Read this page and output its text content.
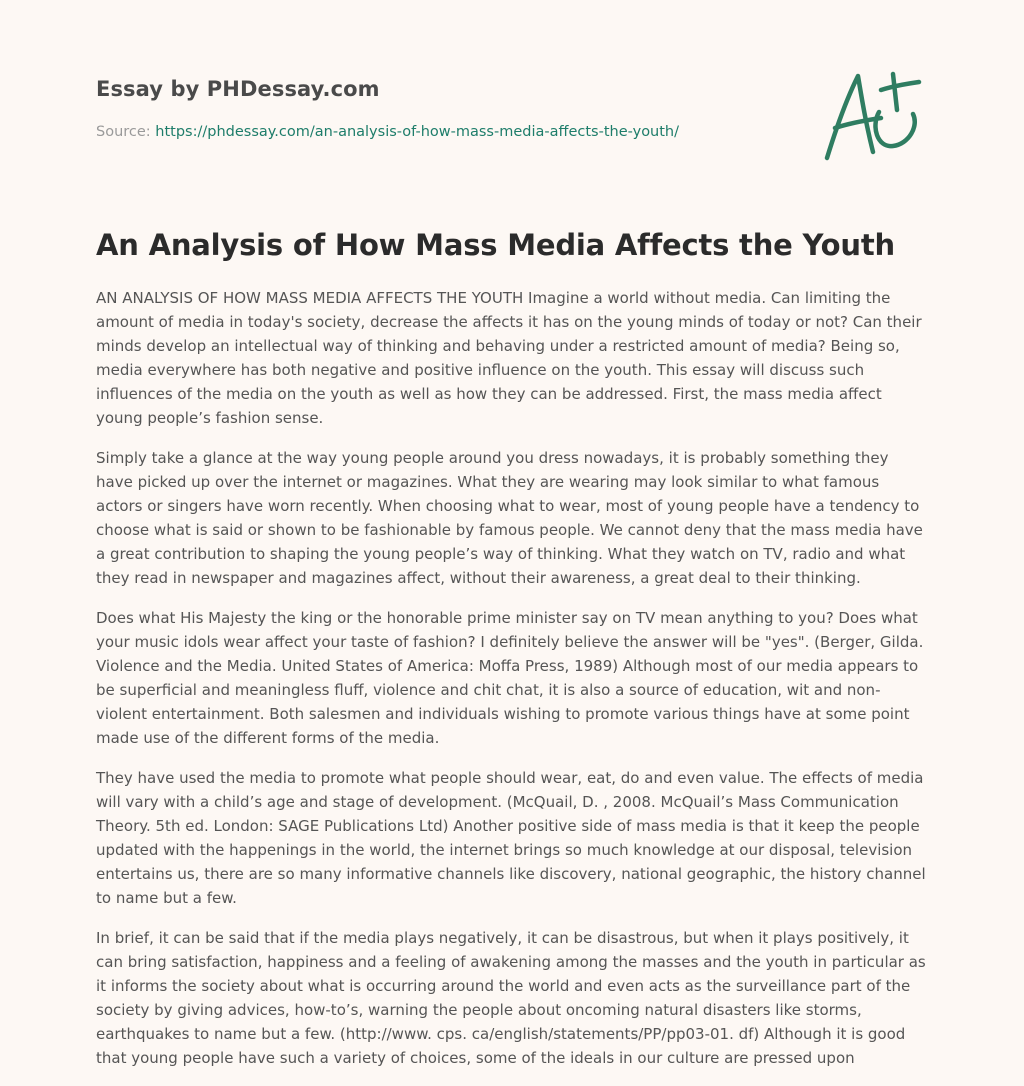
Essay by PHDessay.com
Source: https://phdessay.com/an-analysis-of-how-mass-media-affects-the-youth/
An Analysis of How Mass Media Affects the Youth

AN ANALYSIS OF HOW MASS MEDIA AFFECTS THE YOUTH Imagine a world without media. Can limiting the amount of media in today's society, decrease the affects it has on the young minds of today or not? Can their minds develop an intellectual way of thinking and behaving under a restricted amount of media? Being so, media everywhere has both negative and positive influence on the youth. This essay will discuss such influences of the media on the youth as well as how they can be addressed. First, the mass media affect young people’s fashion sense.

Simply take a glance at the way young people around you dress nowadays, it is probably something they have picked up over the internet or magazines. What they are wearing may look similar to what famous actors or singers have worn recently. When choosing what to wear, most of young people have a tendency to choose what is said or shown to be fashionable by famous people. We cannot deny that the mass media have a great contribution to shaping the young people’s way of thinking. What they watch on TV, radio and what they read in newspaper and magazines affect, without their awareness, a great deal to their thinking.

Does what His Majesty the king or the honorable prime minister say on TV mean anything to you? Does what your music idols wear affect your taste of fashion? I definitely believe the answer will be "yes". (Berger, Gilda. Violence and the Media. United States of America: Moffa Press, 1989) Although most of our media appears to be superficial and meaningless fluff, violence and chit chat, it is also a source of education, wit and non-violent entertainment. Both salesmen and individuals wishing to promote various things have at some point made use of the different forms of the media.

They have used the media to promote what people should wear, eat, do and even value. The effects of media will vary with a child’s age and stage of development. (McQuail, D. , 2008. McQuail’s Mass Communication Theory. 5th ed. London: SAGE Publications Ltd) Another positive side of mass media is that it keep the people updated with the happenings in the world, the internet brings so much knowledge at our disposal, television entertains us, there are so many informative channels like discovery, national geographic, the history channel to name but a few.

In brief, it can be said that if the media plays negatively, it can be disastrous, but when it plays positively, it can bring satisfaction, happiness and a feeling of awakening among the masses and the youth in particular as it informs the society about what is occurring around the world and even acts as the surveillance part of the society by giving advices, how-to’s, warning the people about oncoming natural disasters like storms, earthquakes to name but a few. (http://www. cps. ca/english/statements/PP/pp03-01. df) Although it is good that young people have such a variety of choices, some of the ideals in our culture are pressed upon
